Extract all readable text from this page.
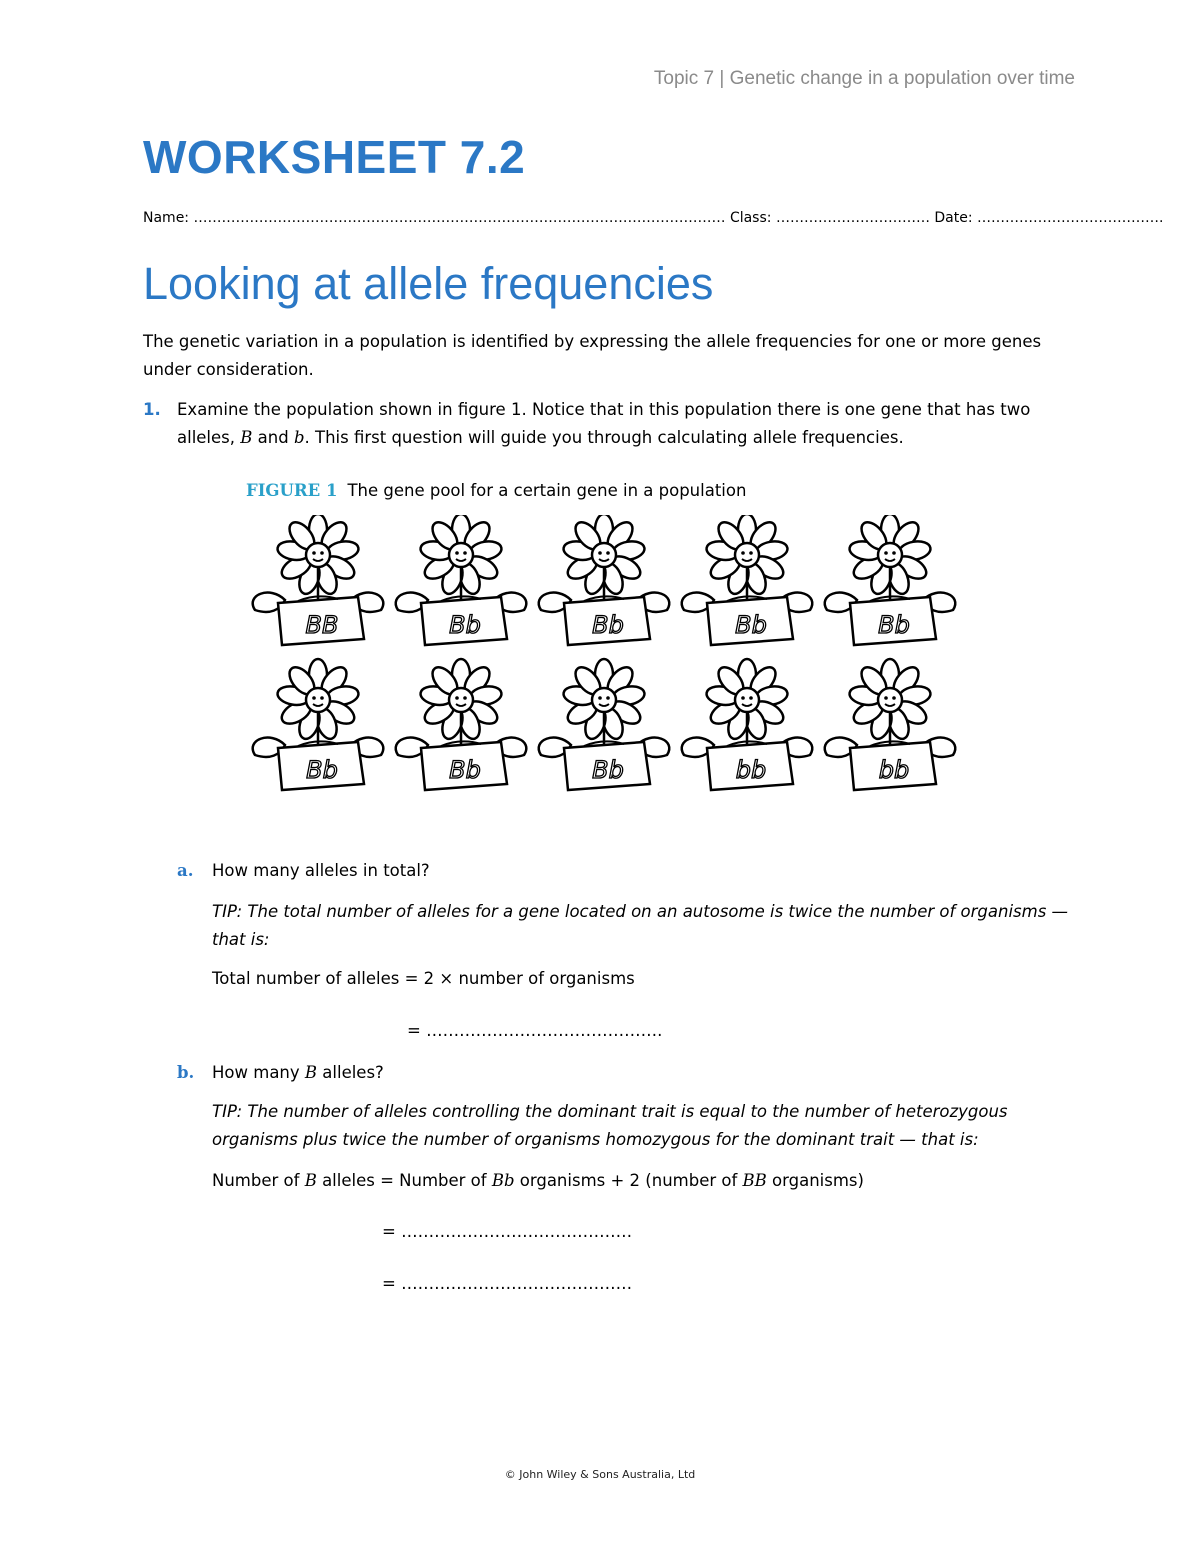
Topic 7 | Genetic change in a population over time
WORKSHEET 7.2
Name: …………………………………………………………………………………………………… Class: …………………………… Date: ………………………………….
Looking at allele frequencies
The genetic variation in a population is identified by expressing the allele frequencies for one or more genes under consideration.
1. Examine the population shown in figure 1. Notice that in this population there is one gene that has two alleles, B and b. This first question will guide you through calculating allele frequencies.
FIGURE 1 The gene pool for a certain gene in a population
BB	Bb	Bb	Bb	Bb
Bb	Bb	Bb	bb	bb
a. How many alleles in total?
TIP: The total number of alleles for a gene located on an autosome is twice the number of organisms — that is:
Total number of alleles = 2 × number of organisms
= …………………………………….
b. How many B alleles?
TIP: The number of alleles controlling the dominant trait is equal to the number of heterozygous organisms plus twice the number of organisms homozygous for the dominant trait — that is:
Number of B alleles = Number of Bb organisms + 2 (number of BB organisms)
= ……………………………………
= ……………………………………
© John Wiley & Sons Australia, Ltd
